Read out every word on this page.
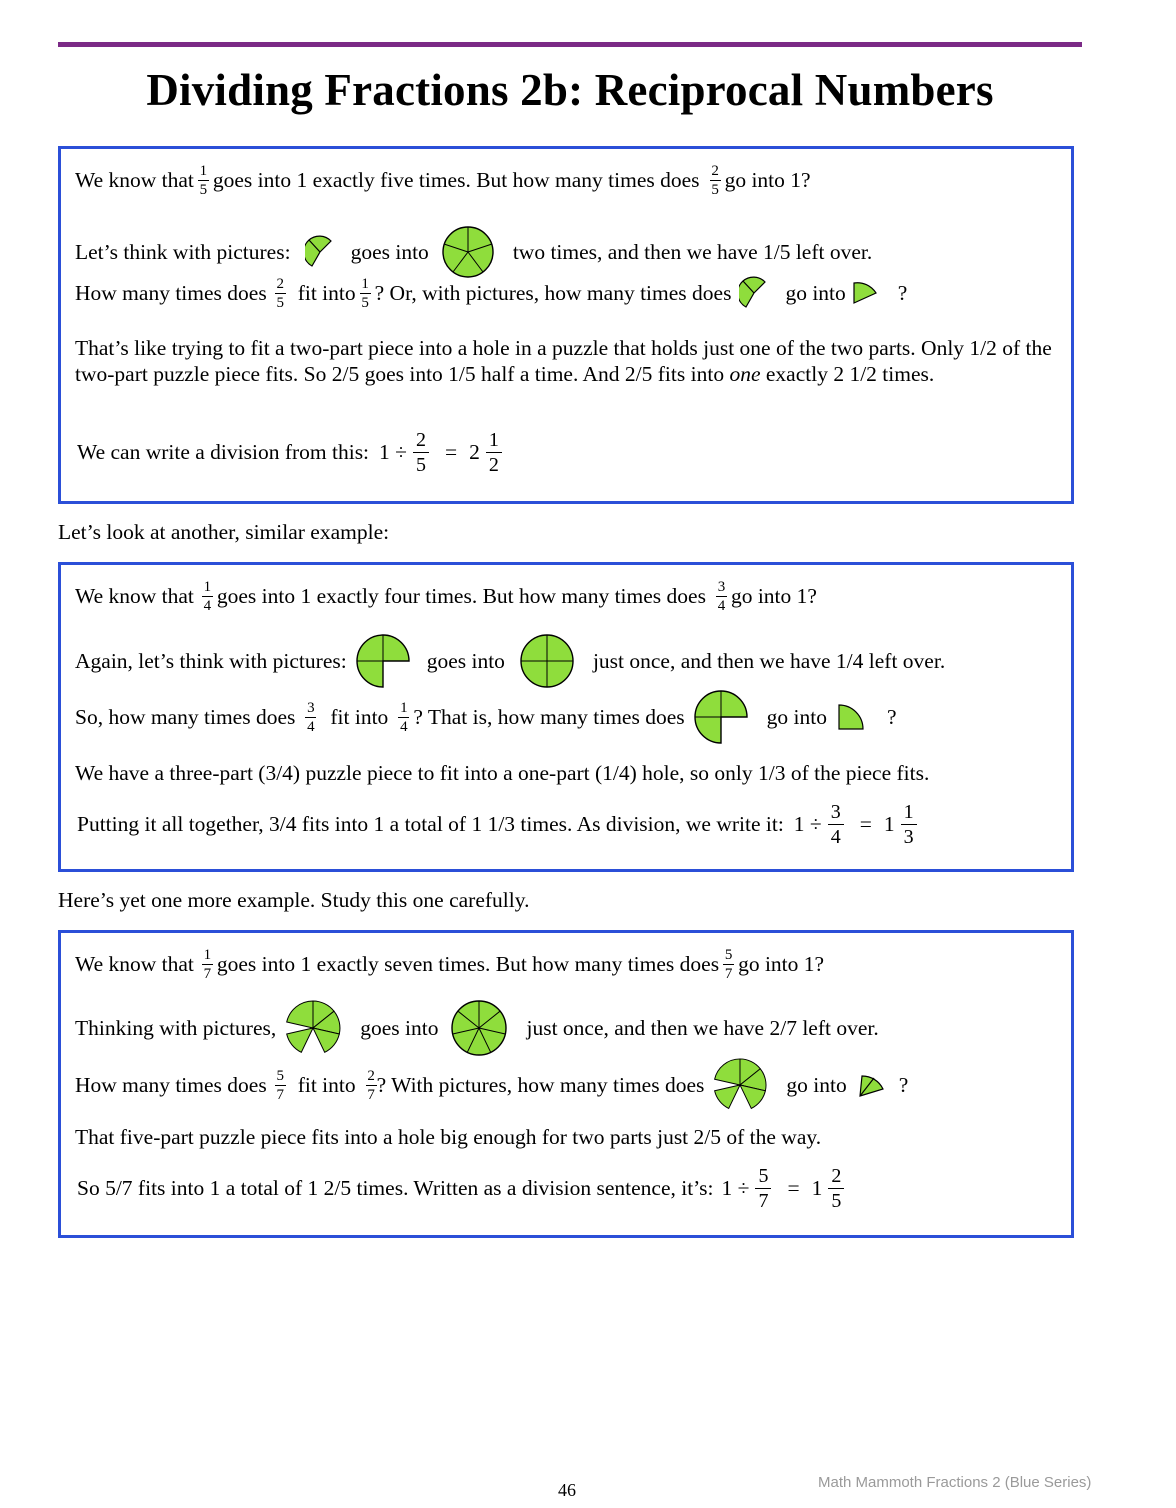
Dividing Fractions 2b: Reciprocal Numbers
We know that $\frac{1}{5}$ goes into 1 exactly five times. But how many times does $\frac{2}{5}$ go into 1?
Let’s think with pictures:	goes into	two times, and then we have 1/5 left over.
How many times does $\frac{2}{5}$ fit into $\frac{1}{5}$ ? Or, with pictures, how many times does	go into ?
That’s like trying to fit a two-part piece into a hole in a puzzle that holds just one of the two parts. Only 1/2 of the two-part puzzle piece fits. So 2/5 goes into 1/5 half a time. And 2/5 fits into one exactly 2 1/2 times.
We can write a division from this: $1 \div \frac{2}{5} = 2 \frac{1}{2}$
Let’s look at another, similar example:
We know that $\frac{1}{4}$ goes into 1 exactly four times. But how many times does $\frac{3}{4}$ go into 1?
Again, let’s think with pictures:	goes into	just once, and then we have 1/4 left over.
So, how many times does $\frac{3}{4}$ fit into $\frac{1}{4}$ ? That is, how many times does	go into	?
We have a three-part (3/4) puzzle piece to fit into a one-part (1/4) hole, so only 1/3 of the piece fits.
Putting it all together, 3/4 fits into 1 a total of 1 1/3 times. As division, we write it: $1 \div \frac{3}{4} = 1 \frac{1}{3}$
Here’s yet one more example. Study this one carefully.
We know that $\frac{1}{7}$ goes into 1 exactly seven times. But how many times does $\frac{5}{7}$ go into 1?
Thinking with pictures,	goes into	just once, and then we have 2/7 left over.
How many times does $\frac{5}{7}$ fit into $\frac{2}{7}$ ? With pictures, how many times does	go into ?
That five-part puzzle piece fits into a hole big enough for two parts just 2/5 of the way.
So 5/7 fits into 1 a total of 1 2/5 times. Written as a division sentence, it’s: $1 \div \frac{5}{7} = 1 \frac{2}{5}$
46	Math Mammoth Fractions 2 (Blue Series)
